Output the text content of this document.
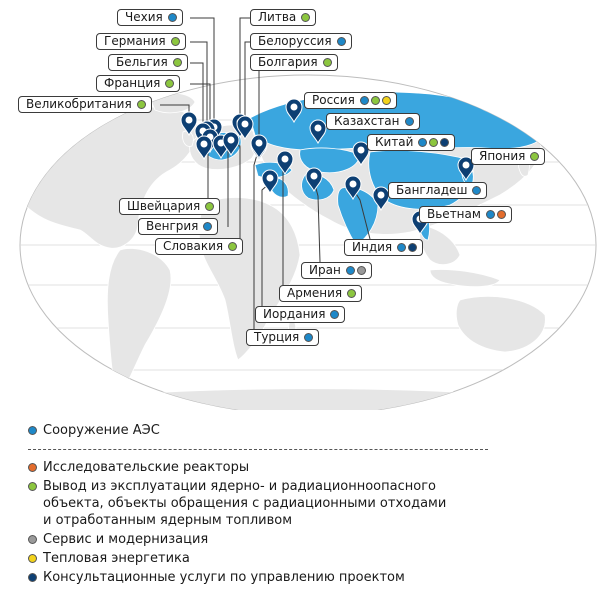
Чехия	Литва
Германия	Белоруссия
Бельгия	Болгария
Франция
Великобритания	Россия
Казахстан
Китай
Япония
Швейцария
Бангладеш
Венгрия
Вьетнам
Словакия	Индия
Иран
Армения
Иордания
Турция
Сооружение АЭС
Исследовательские реакторы
Вывод из эксплуатации ядерно- и радиационноопасного
объекта, объекты обращения с радиационными отходами
и отработанным ядерным топливом
Сервис и модернизация
Тепловая энергетика
Консультационные услуги по управлению проектом
